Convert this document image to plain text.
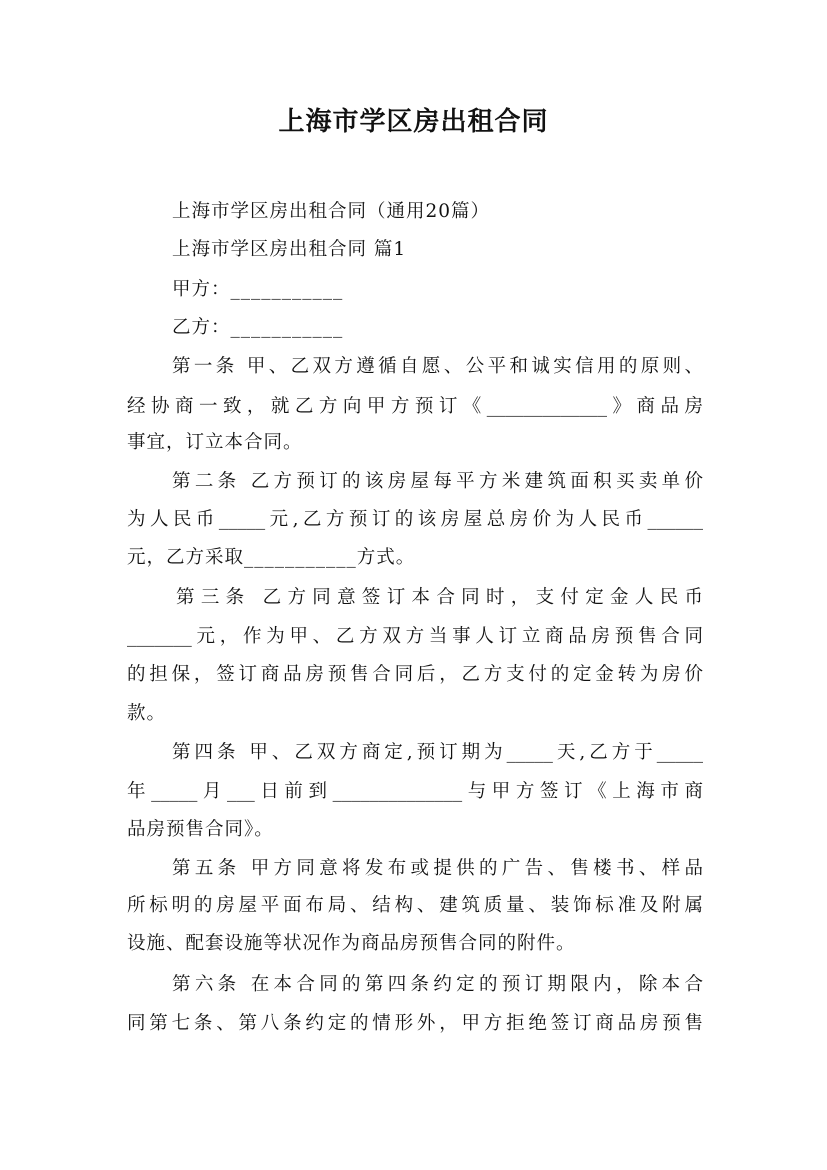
上海市学区房出租合同
上海市学区房出租合同（通用20篇）
上海市学区房出租合同 篇1
甲方：___________
乙方：___________
第一条 甲、乙双方遵循自愿、公平和诚实信用的原则、
经协商一致，就乙方向甲方预订《_____________》商品房
事宜，订立本合同。
第二条 乙方预订的该房屋每平方米建筑面积买卖单价
为人民币_____元,乙方预订的该房屋总房价为人民币______
元，乙方采取___________方式。
第三条 乙方同意签订本合同时，支付定金人民币
_______元，作为甲、乙方双方当事人订立商品房预售合同
的担保，签订商品房预售合同后，乙方支付的定金转为房价
款。
第四条 甲、乙双方商定,预订期为_____天,乙方于_____
年_____月___日前到______________与甲方签订《上海市商
品房预售合同》。
第五条 甲方同意将发布或提供的广告、售楼书、样品
所标明的房屋平面布局、结构、建筑质量、装饰标准及附属
设施、配套设施等状况作为商品房预售合同的附件。
第六条 在本合同的第四条约定的预订期限内，除本合
同第七条、第八条约定的情形外，甲方拒绝签订商品房预售
